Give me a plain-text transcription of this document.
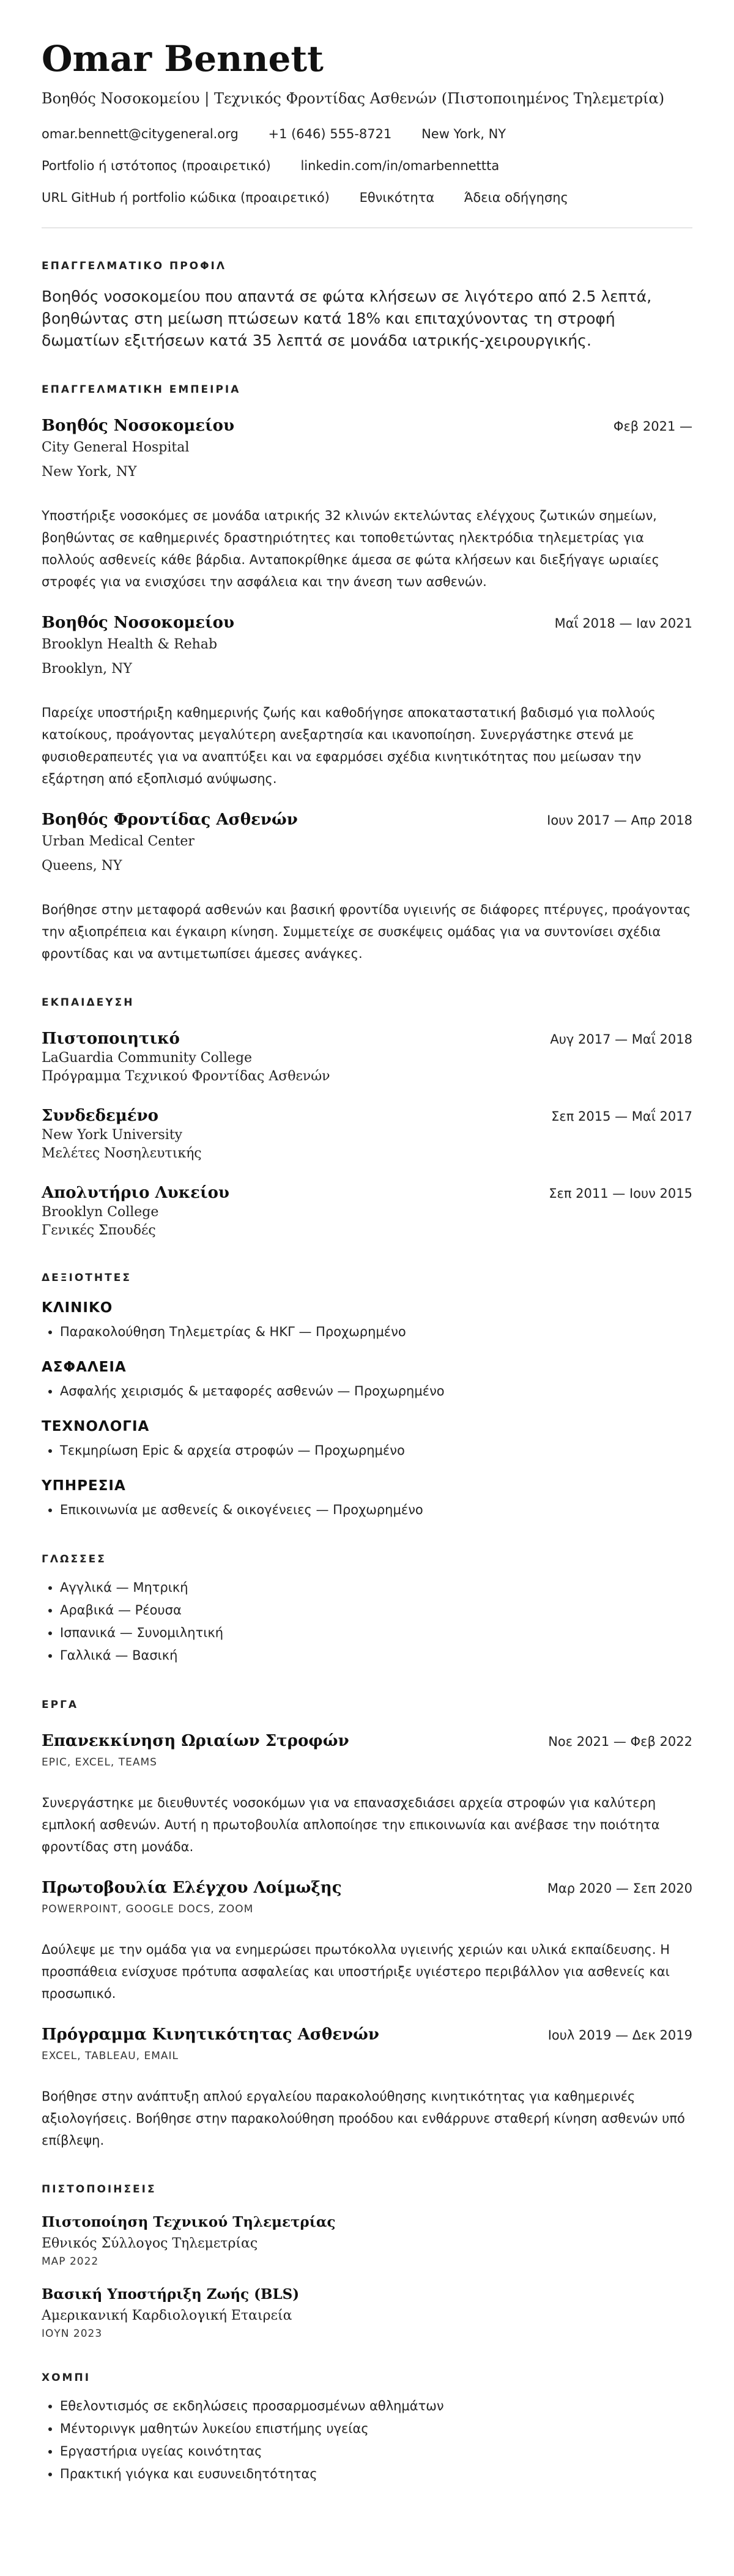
Omar Bennett
Βοηθός Νοσοκομείου | Τεχνικός Φροντίδας Ασθενών (Πιστοποιημένος Τηλεμετρία)
omar.bennett@citygeneral.org +1 (646) 555-8721 New York, NY
Portfolio ή ιστότοπος (προαιρετικό) linkedin.com/in/omarbennettta
URL GitHub ή portfolio κώδικα (προαιρετικό) Εθνικότητα Άδεια οδήγησης
ΕΠΑΓΓΕΛΜΑΤΙΚΟ ΠΡΟΦΙΛ
Βοηθός νοσοκομείου που απαντά σε φώτα κλήσεων σε λιγότερο από 2.5 λεπτά, βοηθώντας στη μείωση πτώσεων κατά 18% και επιταχύνοντας τη στροφή δωματίων εξιτήσεων κατά 35 λεπτά σε μονάδα ιατρικής-χειρουργικής.
ΕΠΑΓΓΕΛΜΑΤΙΚΗ ΕΜΠΕΙΡΙΑ
Βοηθός Νοσοκομείου	Φεβ 2021 —
City General Hospital
New York, NY
Υποστήριξε νοσοκόμες σε μονάδα ιατρικής 32 κλινών εκτελώντας ελέγχους ζωτικών σημείων, βοηθώντας σε καθημερινές δραστηριότητες και τοποθετώντας ηλεκτρόδια τηλεμετρίας για πολλούς ασθενείς κάθε βάρδια. Ανταποκρίθηκε άμεσα σε φώτα κλήσεων και διεξήγαγε ωριαίες στροφές για να ενισχύσει την ασφάλεια και την άνεση των ασθενών.
Βοηθός Νοσοκομείου	Μαΐ 2018 — Ιαν 2021
Brooklyn Health & Rehab
Brooklyn, NY
Παρείχε υποστήριξη καθημερινής ζωής και καθοδήγησε αποκαταστατική βαδισμό για πολλούς κατοίκους, προάγοντας μεγαλύτερη ανεξαρτησία και ικανοποίηση. Συνεργάστηκε στενά με φυσιοθεραπευτές για να αναπτύξει και να εφαρμόσει σχέδια κινητικότητας που μείωσαν την εξάρτηση από εξοπλισμό ανύψωσης.
Βοηθός Φροντίδας Ασθενών	Ιουν 2017 — Απρ 2018
Urban Medical Center
Queens, NY
Βοήθησε στην μεταφορά ασθενών και βασική φροντίδα υγιεινής σε διάφορες πτέρυγες, προάγοντας την αξιοπρέπεια και έγκαιρη κίνηση. Συμμετείχε σε συσκέψεις ομάδας για να συντονίσει σχέδια φροντίδας και να αντιμετωπίσει άμεσες ανάγκες.
ΕΚΠΑΙΔΕΥΣΗ
Πιστοποιητικό	Αυγ 2017 — Μαΐ 2018
LaGuardia Community College
Πρόγραμμα Τεχνικού Φροντίδας Ασθενών
Συνδεδεμένο	Σεπ 2015 — Μαΐ 2017
New York University
Μελέτες Νοσηλευτικής
Απολυτήριο Λυκείου	Σεπ 2011 — Ιουν 2015
Brooklyn College
Γενικές Σπουδές
ΔΕΞΙΟΤΗΤΕΣ
ΚΛΙΝΙΚΟ
• Παρακολούθηση Τηλεμετρίας & ΗΚΓ — Προχωρημένο
ΑΣΦΑΛΕΙΑ
• Ασφαλής χειρισμός & μεταφορές ασθενών — Προχωρημένο
ΤΕΧΝΟΛΟΓΙΑ
• Τεκμηρίωση Epic & αρχεία στροφών — Προχωρημένο
ΥΠΗΡΕΣΙΑ
• Επικοινωνία με ασθενείς & οικογένειες — Προχωρημένο
ΓΛΩΣΣΕΣ
• Αγγλικά — Μητρική
• Αραβικά — Ρέουσα
• Ισπανικά — Συνομιλητική
• Γαλλικά — Βασική
ΕΡΓΑ
Επανεκκίνηση Ωριαίων Στροφών	Νοε 2021 — Φεβ 2022
EPIC, EXCEL, TEAMS
Συνεργάστηκε με διευθυντές νοσοκόμων για να επανασχεδιάσει αρχεία στροφών για καλύτερη εμπλοκή ασθενών. Αυτή η πρωτοβουλία απλοποίησε την επικοινωνία και ανέβασε την ποιότητα φροντίδας στη μονάδα.
Πρωτοβουλία Ελέγχου Λοίμωξης	Μαρ 2020 — Σεπ 2020
POWERPOINT, GOOGLE DOCS, ZOOM
Δούλεψε με την ομάδα για να ενημερώσει πρωτόκολλα υγιεινής χεριών και υλικά εκπαίδευσης. Η προσπάθεια ενίσχυσε πρότυπα ασφαλείας και υποστήριξε υγιέστερο περιβάλλον για ασθενείς και προσωπικό.
Πρόγραμμα Κινητικότητας Ασθενών	Ιουλ 2019 — Δεκ 2019
EXCEL, TABLEAU, EMAIL
Βοήθησε στην ανάπτυξη απλού εργαλείου παρακολούθησης κινητικότητας για καθημερινές αξιολογήσεις. Βοήθησε στην παρακολούθηση προόδου και ενθάρρυνε σταθερή κίνηση ασθενών υπό επίβλεψη.
ΠΙΣΤΟΠΟΙΗΣΕΙΣ
Πιστοποίηση Τεχνικού Τηλεμετρίας
Εθνικός Σύλλογος Τηλεμετρίας
ΜΑΡ 2022
Βασική Υποστήριξη Ζωής (BLS)
Αμερικανική Καρδιολογική Εταιρεία
ΙΟΥΝ 2023
ΧΟΜΠΙ
• Εθελοντισμός σε εκδηλώσεις προσαρμοσμένων αθλημάτων
• Μέντορινγκ μαθητών λυκείου επιστήμης υγείας
• Εργαστήρια υγείας κοινότητας
• Πρακτική γιόγκα και ευσυνειδητότητας
